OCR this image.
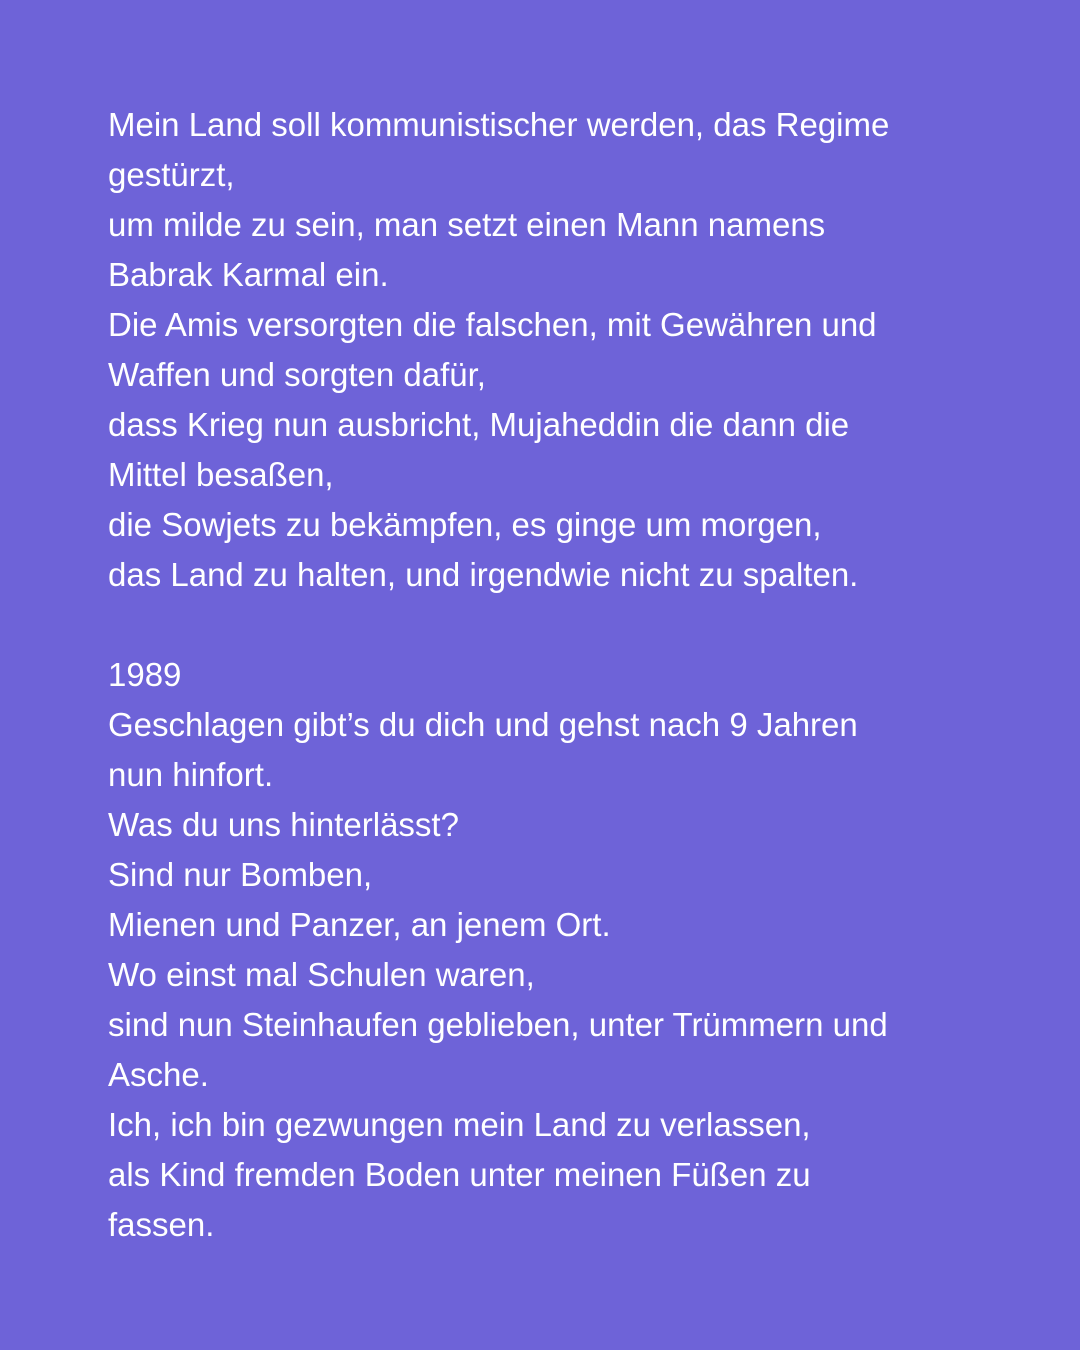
Mein Land soll kommunistischer werden, das Regime
gestürzt,
um milde zu sein, man setzt einen Mann namens
Babrak Karmal ein.
Die Amis versorgten die falschen, mit Gewähren und
Waffen und sorgten dafür,
dass Krieg nun ausbricht, Mujaheddin die dann die
Mittel besaßen,
die Sowjets zu bekämpfen, es ginge um morgen,
das Land zu halten, und irgendwie nicht zu spalten.
1989
Geschlagen gibt’s du dich und gehst nach 9 Jahren
nun hinfort.
Was du uns hinterlässt?
Sind nur Bomben,
Mienen und Panzer, an jenem Ort.
Wo einst mal Schulen waren,
sind nun Steinhaufen geblieben, unter Trümmern und
Asche.
Ich, ich bin gezwungen mein Land zu verlassen,
als Kind fremden Boden unter meinen Füßen zu
fassen.
